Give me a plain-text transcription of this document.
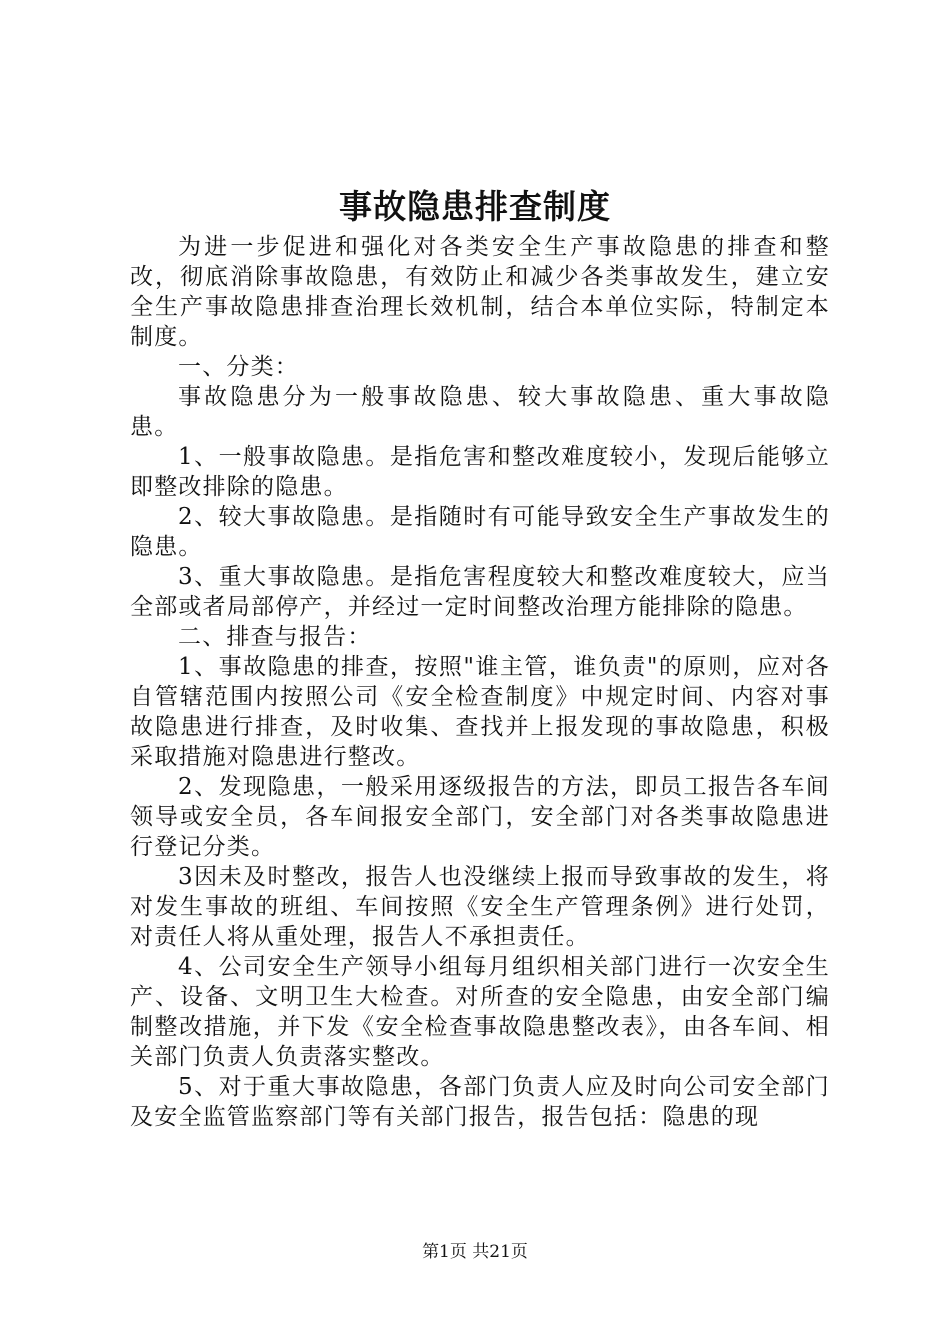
事故隐患排查制度

为进一步促进和强化对各类安全生产事故隐患的排查和整改，彻底消除事故隐患，有效防止和减少各类事故发生，建立安全生产事故隐患排查治理长效机制，结合本单位实际，特制定本制度。

一、分类：

事故隐患分为一般事故隐患、较大事故隐患、重大事故隐患。

1、一般事故隐患。是指危害和整改难度较小，发现后能够立即整改排除的隐患。

2、较大事故隐患。是指随时有可能导致安全生产事故发生的隐患。

3、重大事故隐患。是指危害程度较大和整改难度较大，应当全部或者局部停产，并经过一定时间整改治理方能排除的隐患。

二、排查与报告：

1、事故隐患的排查，按照"谁主管，谁负责"的原则，应对各自管辖范围内按照公司《安全检查制度》中规定时间、内容对事故隐患进行排查，及时收集、查找并上报发现的事故隐患，积极采取措施对隐患进行整改。

2、发现隐患，一般采用逐级报告的方法，即员工报告各车间领导或安全员，各车间报安全部门，安全部门对各类事故隐患进行登记分类。

3因未及时整改，报告人也没继续上报而导致事故的发生，将对发生事故的班组、车间按照《安全生产管理条例》进行处罚，对责任人将从重处理，报告人不承担责任。

4、公司安全生产领导小组每月组织相关部门进行一次安全生产、设备、文明卫生大检查。对所查的安全隐患，由安全部门编制整改措施，并下发《安全检查事故隐患整改表》，由各车间、相关部门负责人负责落实整改。

5、对于重大事故隐患，各部门负责人应及时向公司安全部门及安全监管监察部门等有关部门报告，报告包括：隐患的现

第1页 共21页
